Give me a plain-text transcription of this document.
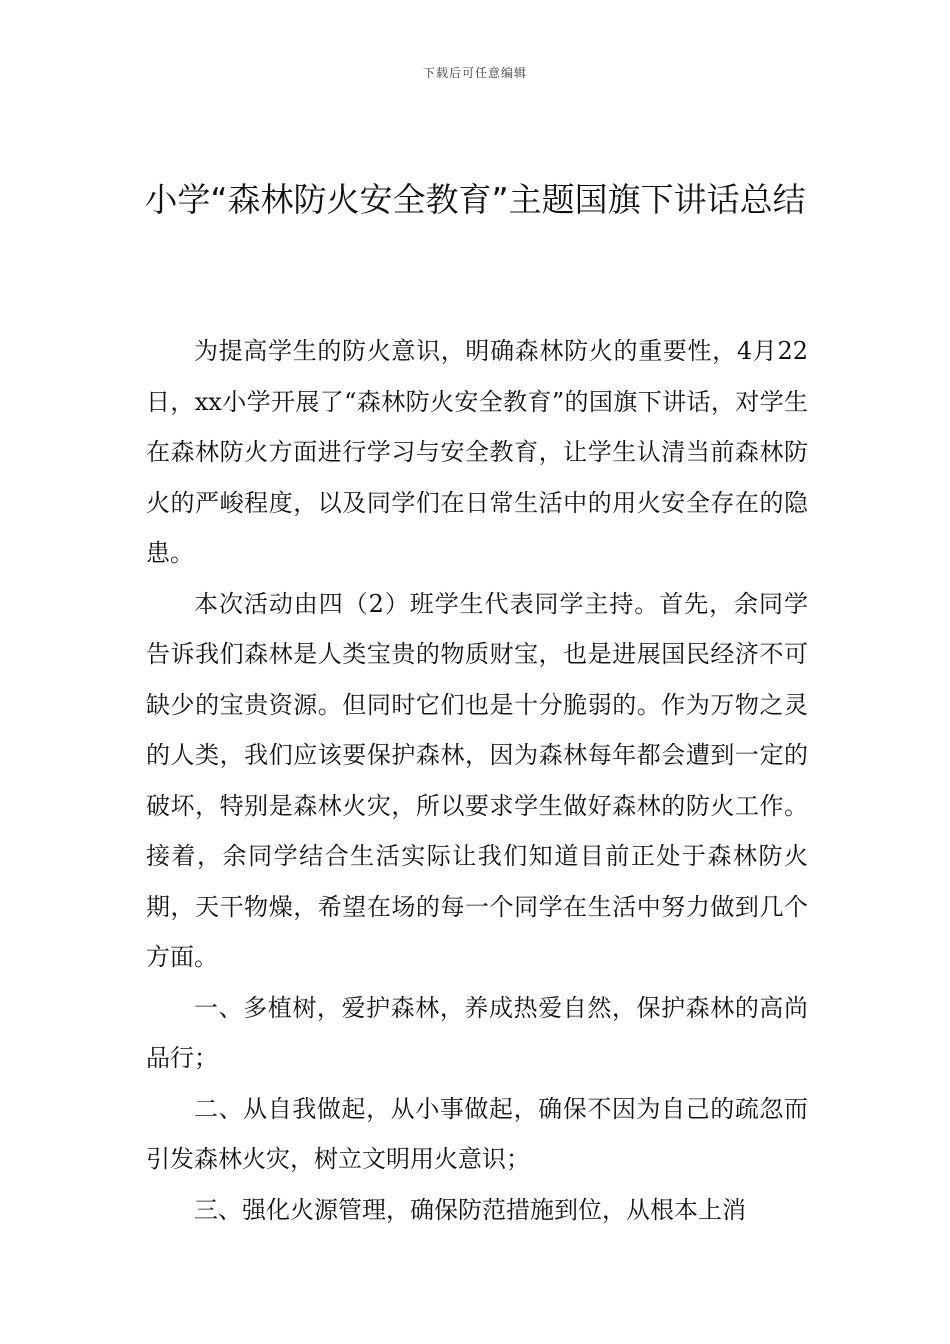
下载后可任意编辑
小学“森林防火安全教育”主题国旗下讲话总结

为提高学生的防火意识，明确森林防火的重要性，4月22日，xx小学开展了“森林防火安全教育”的国旗下讲话，对学生在森林防火方面进行学习与安全教育，让学生认清当前森林防火的严峻程度，以及同学们在日常生活中的用火安全存在的隐患。

本次活动由四（2）班学生代表同学主持。首先，余同学告诉我们森林是人类宝贵的物质财宝，也是进展国民经济不可缺少的宝贵资源。但同时它们也是十分脆弱的。作为万物之灵的人类，我们应该要保护森林，因为森林每年都会遭到一定的破坏，特别是森林火灾，所以要求学生做好森林的防火工作。接着，余同学结合生活实际让我们知道目前正处于森林防火期，天干物燥，希望在场的每一个同学在生活中努力做到几个方面。

一、多植树，爱护森林，养成热爱自然，保护森林的高尚品行；

二、从自我做起，从小事做起，确保不因为自己的疏忽而引发森林火灾，树立文明用火意识；

三、强化火源管理，确保防范措施到位，从根本上消
